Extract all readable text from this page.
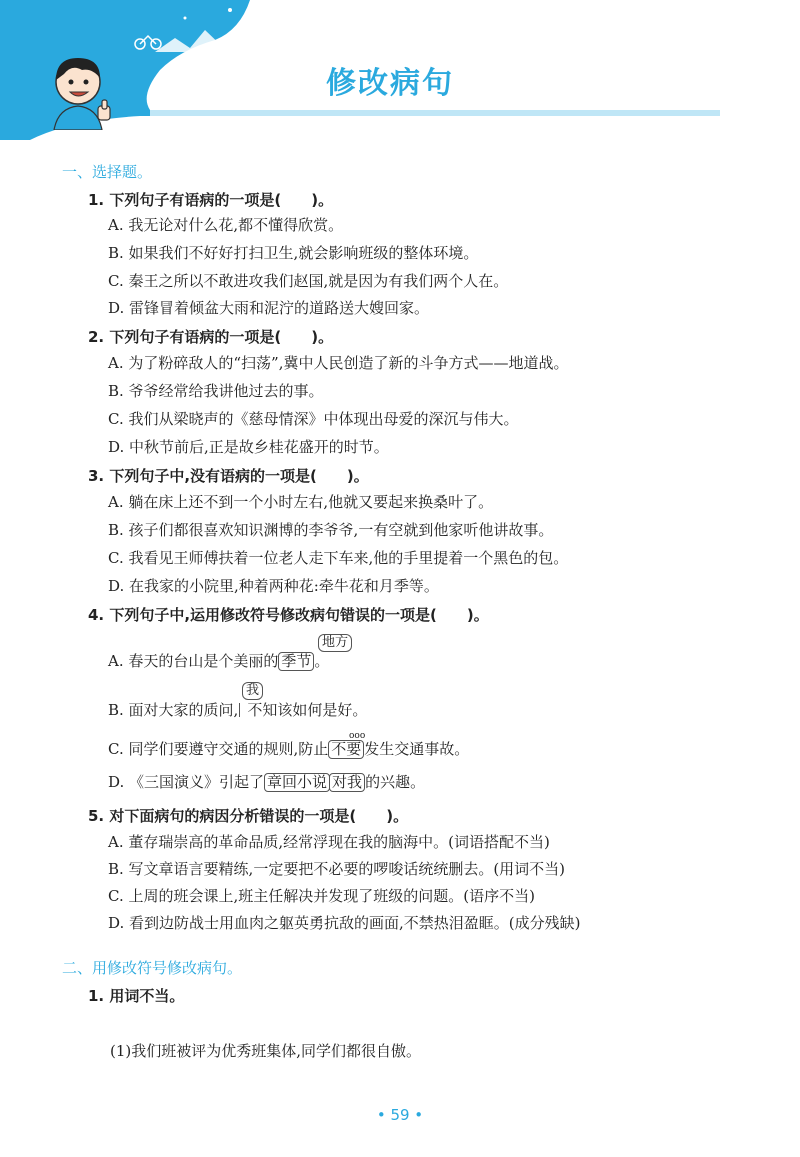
修改病句
一、选择题。
1. 下列句子有语病的一项是(　　)。
A. 我无论对什么花,都不懂得欣赏。
B. 如果我们不好好打扫卫生,就会影响班级的整体环境。
C. 秦王之所以不敢进攻我们赵国,就是因为有我们两个人在。
D. 雷锋冒着倾盆大雨和泥泞的道路送大嫂回家。
2. 下列句子有语病的一项是(　　)。
A. 为了粉碎敌人的“扫荡”,冀中人民创造了新的斗争方式——地道战。
B. 爷爷经常给我讲他过去的事。
C. 我们从梁晓声的《慈母情深》中体现出母爱的深沉与伟大。
D. 中秋节前后,正是故乡桂花盛开的时节。
3. 下列句子中,没有语病的一项是(　　)。
A. 躺在床上还不到一个小时左右,他就又要起来换桑叶了。
B. 孩子们都很喜欢知识渊博的李爷爷,一有空就到他家听他讲故事。
C. 我看见王师傅扶着一位老人走下车来,他的手里提着一个黑色的包。
D. 在我家的小院里,种着两种花:牵牛花和月季等。
4. 下列句子中,运用修改符号修改病句错误的一项是(　　)。
地方
A. 春天的台山是个美丽的 季节 。
我
B. 面对大家的质问, 不知该如何是好。
C. 同学们要遵守交通的规则,防止 不要
ooo
发生交通事故。
D. 《三国演义》引起了 章回小说 对我 的兴趣。
5. 对下面病句的病因分析错误的一项是(　　)。
A. 董存瑞崇高的革命品质,经常浮现在我的脑海中。(词语搭配不当)
B. 写文章语言要精练,一定要把不必要的啰唆话统统删去。(用词不当)
C. 上周的班会课上,班主任解决并发现了班级的问题。(语序不当)
D. 看到边防战士用血肉之躯英勇抗敌的画面,不禁热泪盈眶。(成分残缺)
二、用修改符号修改病句。
1. 用词不当。
(1)我们班被评为优秀班集体,同学们都很自傲。
• 59 •
